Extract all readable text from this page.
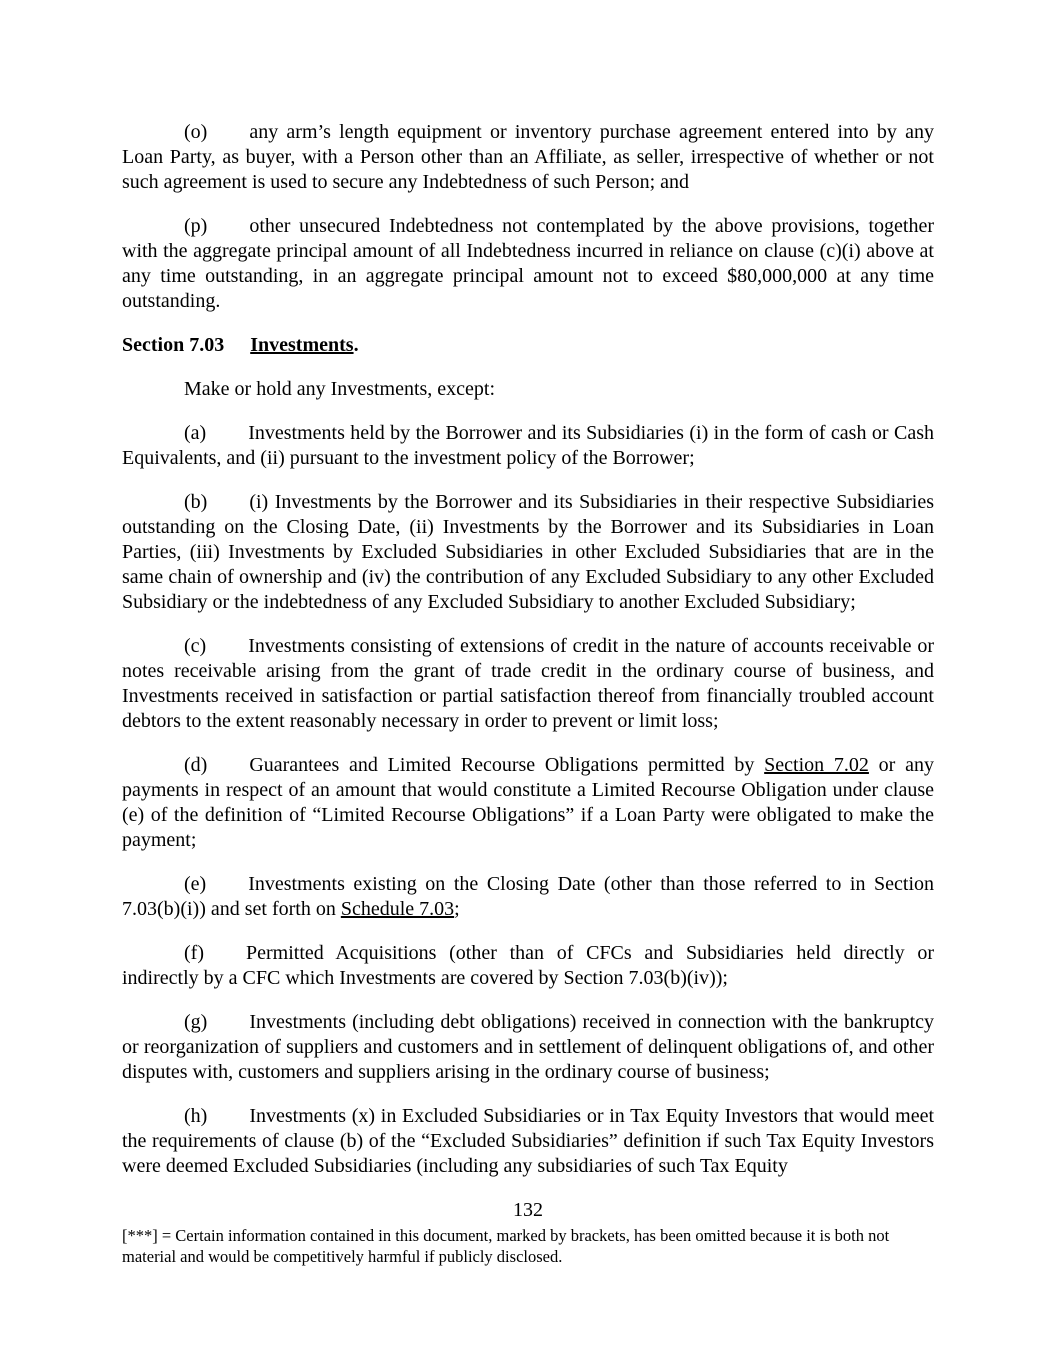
(o) any arm’s length equipment or inventory purchase agreement entered into by any Loan Party, as buyer, with a Person other than an Affiliate, as seller, irrespective of whether or not such agreement is used to secure any Indebtedness of such Person; and

(p) other unsecured Indebtedness not contemplated by the above provisions, together with the aggregate principal amount of all Indebtedness incurred in reliance on clause (c)(i) above at any time outstanding, in an aggregate principal amount not to exceed $80,000,000 at any time outstanding.

Section 7.03 Investments.

Make or hold any Investments, except:

(a) Investments held by the Borrower and its Subsidiaries (i) in the form of cash or Cash Equivalents, and (ii) pursuant to the investment policy of the Borrower;

(b) (i) Investments by the Borrower and its Subsidiaries in their respective Subsidiaries outstanding on the Closing Date, (ii) Investments by the Borrower and its Subsidiaries in Loan Parties, (iii) Investments by Excluded Subsidiaries in other Excluded Subsidiaries that are in the same chain of ownership and (iv) the contribution of any Excluded Subsidiary to any other Excluded Subsidiary or the indebtedness of any Excluded Subsidiary to another Excluded Subsidiary;

(c) Investments consisting of extensions of credit in the nature of accounts receivable or notes receivable arising from the grant of trade credit in the ordinary course of business, and Investments received in satisfaction or partial satisfaction thereof from financially troubled account debtors to the extent reasonably necessary in order to prevent or limit loss;

(d) Guarantees and Limited Recourse Obligations permitted by Section 7.02 or any payments in respect of an amount that would constitute a Limited Recourse Obligation under clause (e) of the definition of “Limited Recourse Obligations” if a Loan Party were obligated to make the payment;

(e) Investments existing on the Closing Date (other than those referred to in Section 7.03(b)(i)) and set forth on Schedule 7.03;

(f) Permitted Acquisitions (other than of CFCs and Subsidiaries held directly or indirectly by a CFC which Investments are covered by Section 7.03(b)(iv));

(g) Investments (including debt obligations) received in connection with the bankruptcy or reorganization of suppliers and customers and in settlement of delinquent obligations of, and other disputes with, customers and suppliers arising in the ordinary course of business;

(h) Investments (x) in Excluded Subsidiaries or in Tax Equity Investors that would meet the requirements of clause (b) of the “Excluded Subsidiaries” definition if such Tax Equity Investors were deemed Excluded Subsidiaries (including any subsidiaries of such Tax Equity

132
[***] = Certain information contained in this document, marked by brackets, has been omitted because it is both not material and would be competitively harmful if publicly disclosed.
